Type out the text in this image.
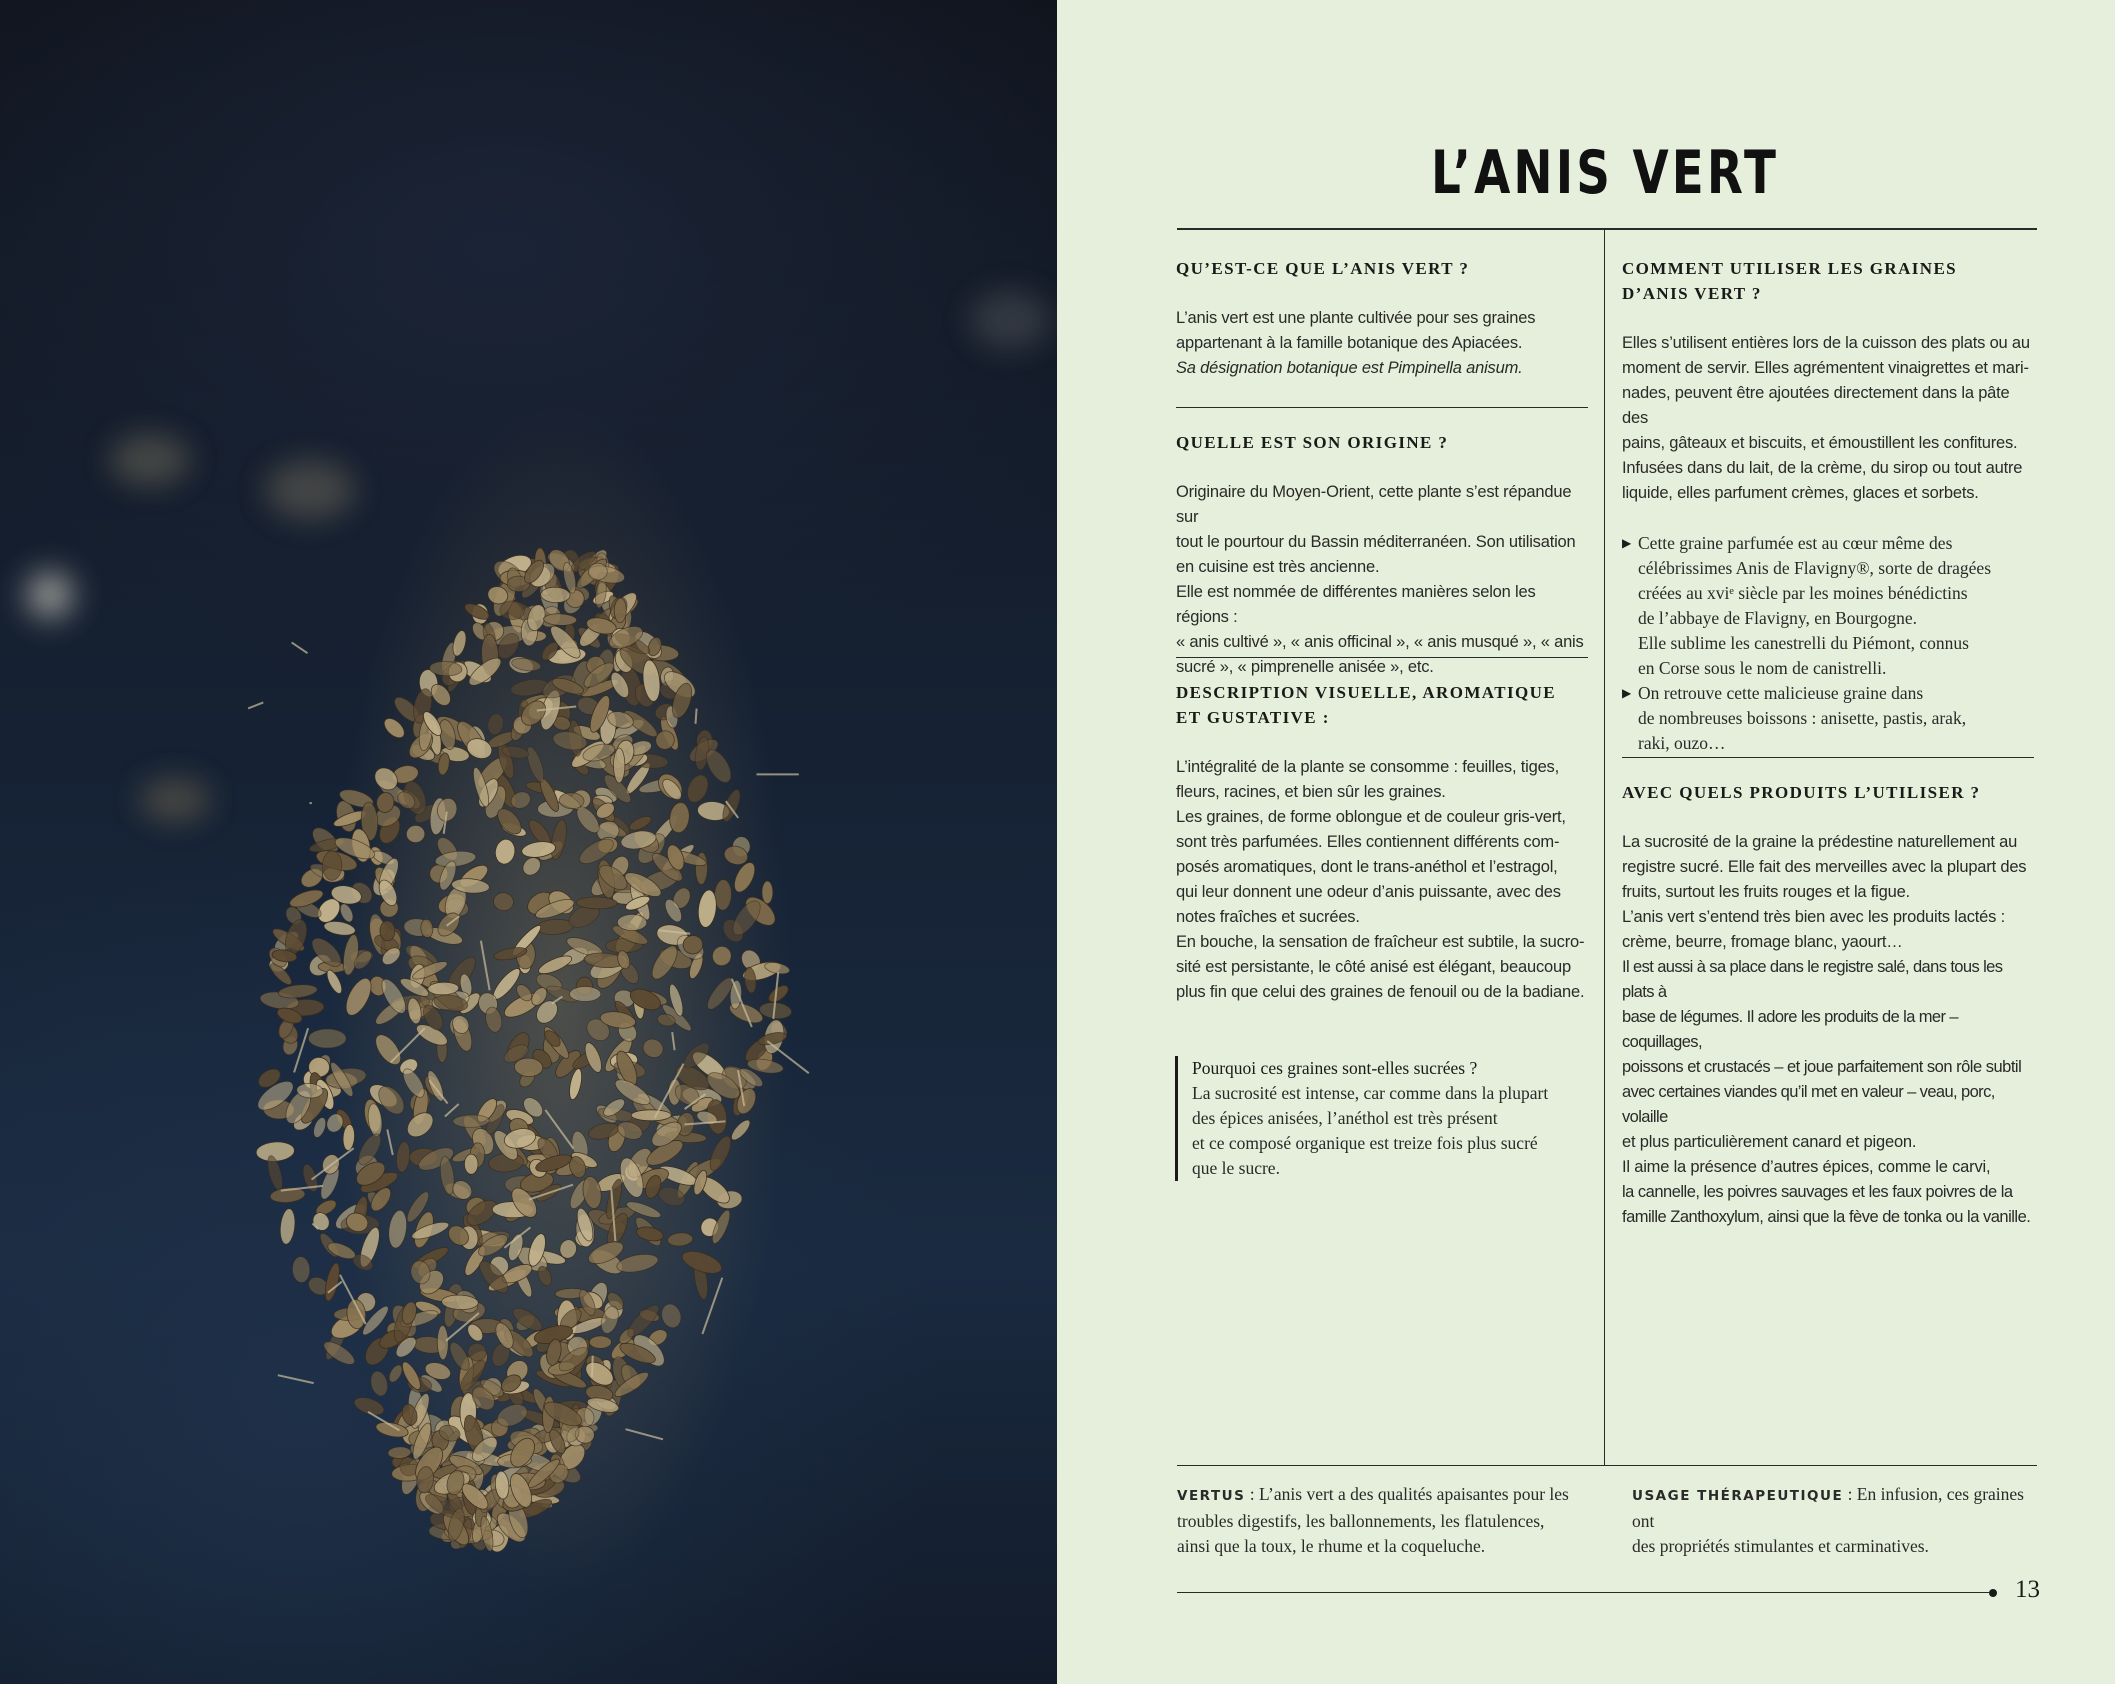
L’ANIS VERT
13

QU’EST-CE QUE L’ANIS VERT ?

L’anis vert est une plante cultivée pour ses graines

appartenant à la famille botanique des Apiacées.

Sa désignation botanique est Pimpinella anisum.

QUELLE EST SON ORIGINE ?

Originaire du Moyen-Orient, cette plante s’est répandue sur

tout le pourtour du Bassin méditerranéen. Son utilisation

en cuisine est très ancienne.

Elle est nommée de différentes manières selon les régions :

« anis cultivé », « anis officinal », « anis musqué », « anis

sucré », « pimprenelle anisée », etc.

DESCRIPTION VISUELLE, AROMATIQUE

ET GUSTATIVE :

L’intégralité de la plante se consomme : feuilles, tiges,

fleurs, racines, et bien sûr les graines.

Les graines, de forme oblongue et de couleur gris-vert,

sont très parfumées. Elles contiennent différents com-

posés aromatiques, dont le trans-anéthol et l’estragol,

qui leur donnent une odeur d’anis puissante, avec des

notes fraîches et sucrées.

En bouche, la sensation de fraîcheur est subtile, la sucro-

sité est persistante, le côté anisé est élégant, beaucoup

plus fin que celui des graines de fenouil ou de la badiane.

Pourquoi ces graines sont-elles sucrées ?

La sucrosité est intense, car comme dans la plupart

des épices anisées, l’anéthol est très présent

et ce composé organique est treize fois plus sucré

que le sucre.

COMMENT UTILISER LES GRAINES

D’ANIS VERT ?

Elles s’utilisent entières lors de la cuisson des plats ou au

moment de servir. Elles agrémentent vinaigrettes et mari-

nades, peuvent être ajoutées directement dans la pâte des

pains, gâteaux et biscuits, et émoustillent les confitures.

Infusées dans du lait, de la crème, du sirop ou tout autre

liquide, elles parfument crèmes, glaces et sorbets.

▶ Cette graine parfumée est au cœur même des

célébrissimes Anis de Flavigny®, sorte de dragées

créées au xviᵉ siècle par les moines bénédictins

de l’abbaye de Flavigny, en Bourgogne.

Elle sublime les canestrelli du Piémont, connus

en Corse sous le nom de canistrelli.

▶ On retrouve cette malicieuse graine dans

de nombreuses boissons : anisette, pastis, arak,

raki, ouzo…

AVEC QUELS PRODUITS L’UTILISER ?

La sucrosité de la graine la prédestine naturellement au

registre sucré. Elle fait des merveilles avec la plupart des

fruits, surtout les fruits rouges et la figue.

L’anis vert s’entend très bien avec les produits lactés :

crème, beurre, fromage blanc, yaourt…

Il est aussi à sa place dans le registre salé, dans tous les plats à

base de légumes. Il adore les produits de la mer – coquillages,

poissons et crustacés – et joue parfaitement son rôle subtil

avec certaines viandes qu’il met en valeur – veau, porc, volaille

et plus particulièrement canard et pigeon.

Il aime la présence d’autres épices, comme le carvi,

la cannelle, les poivres sauvages et les faux poivres de la

famille Zanthoxylum, ainsi que la fève de tonka ou la vanille.

VERTUS : L’anis vert a des qualités apaisantes pour les

troubles digestifs, les ballonnements, les flatulences,

ainsi que la toux, le rhume et la coqueluche.

USAGE THÉRAPEUTIQUE : En infusion, ces graines ont

des propriétés stimulantes et carminatives.
